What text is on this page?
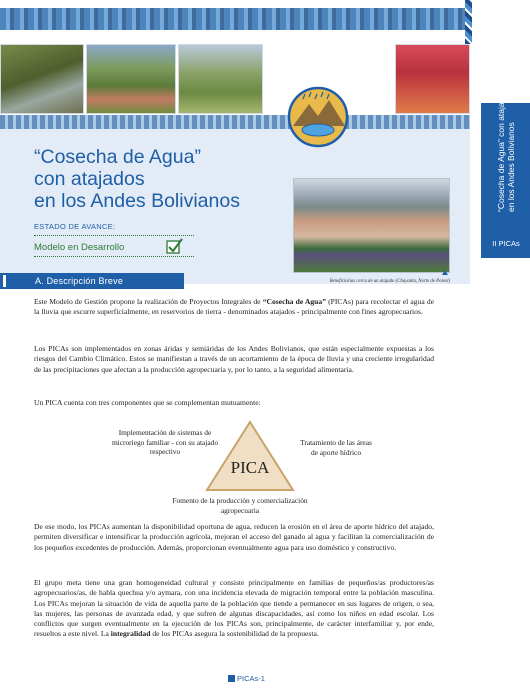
“Cosecha de Agua”
con atajados
en los Andes Bolivianos
ESTADO DE AVANCE:
Modelo en Desarrollo
A. Descripción Breve	Beneficiarias cerca de un atajado (Chayanta, Norte de Potosí)
“Cosecha de Agua” con atajados en los Andes Bolivianos
II PICAs
Este Modelo de Gestión propone la realización de Proyectos Integrales de “Cosecha de Agua” (PICAs) para recolectar el agua de la lluvia que escurre superficialmente, en reservorios de tierra - denominados atajados - principalmente con fines agropecuarios.
Los PICAs son implementados en zonas áridas y semiáridas de los Andes Bolivianos, que están especialmente expuestas a los riesgos del Cambio Climático. Estos se manifiestan a través de un acortamiento de la época de lluvia y una creciente irregularidad de las precipitaciones que afectan a la producción agropecuaria y, por lo tanto, a la seguridad alimentaria.
Un PICA cuenta con tres componentes que se complementan mutuamente:
Implementación de sistemas de microriego familiar - con su atajado respectivo
PICA
Tratamiento de las áreas de aporte hídrico
Fomento de la producción y comercialización agropecuaria
De ese modo, los PICAs aumentan la disponibilidad oportuna de agua, reducen la erosión en el área de aporte hídrico del atajado, permiten diversificar e intensificar la producción agrícola, mejoran el acceso del ganado al agua y facilitan la comercialización de los pequeños excedentes de producción. Además, proporcionan eventualmente agua para uso doméstico y constructivo.
El grupo meta tiene una gran homogeneidad cultural y consiste principalmente en familias de pequeños/as productores/as agropecuarios/as, de habla quechua y/o aymara, con una incidencia elevada de migración temporal entre la población masculina. Los PICAs mejoran la situación de vida de aquella parte de la población que tiende a permanecer en sus lugares de origen, o sea, las mujeres, las personas de avanzada edad, y que sufren de algunas discapacidades, así como los niños en edad escolar. Los conflictos que surgen eventualmente en la ejecución de los PICAs son, principalmente, de carácter interfamiliar y, por ende, resueltos a este nivel. La integralidad de los PICAs asegura la sostenibilidad de la propuesta.
PICAs-1
